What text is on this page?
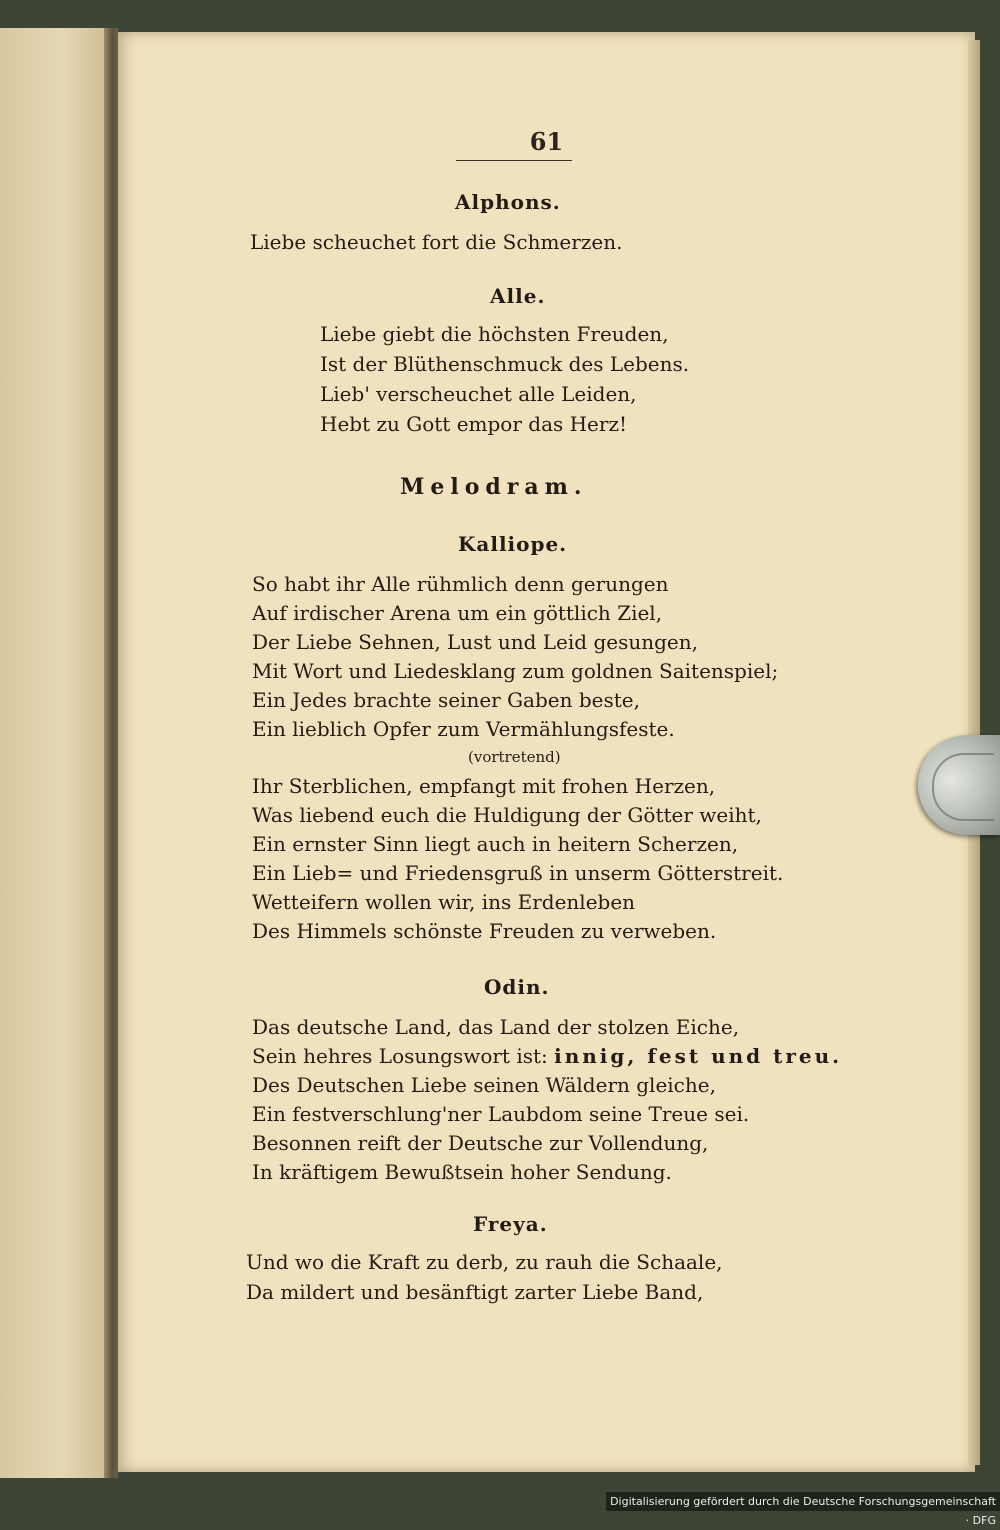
61
Alphons.
Liebe scheuchet fort die Schmerzen.
Alle.
Liebe giebt die höchsten Freuden,
Ist der Blüthenschmuck des Lebens.
Lieb' verscheuchet alle Leiden,
Hebt zu Gott empor das Herz!
Melodram.
Kalliope.
So habt ihr Alle rühmlich denn gerungen
Auf irdischer Arena um ein göttlich Ziel,
Der Liebe Sehnen, Lust und Leid gesungen,
Mit Wort und Liedesklang zum goldnen Saitenspiel;
Ein Jedes brachte seiner Gaben beste,
Ein lieblich Opfer zum Vermählungsfeste.
(vortretend)
Ihr Sterblichen, empfangt mit frohen Herzen,
Was liebend euch die Huldigung der Götter weiht,
Ein ernster Sinn liegt auch in heitern Scherzen,
Ein Lieb= und Friedensgruß in unserm Götterstreit.
Wetteifern wollen wir, ins Erdenleben
Des Himmels schönste Freuden zu verweben.
Odin.
Das deutsche Land, das Land der stolzen Eiche,
Sein hehres Losungswort ist: innig, fest und treu.
Des Deutschen Liebe seinen Wäldern gleiche,
Ein festverschlung'ner Laubdom seine Treue sei.
Besonnen reift der Deutsche zur Vollendung,
In kräftigem Bewußtsein hoher Sendung.
Freya.
Und wo die Kraft zu derb, zu rauh die Schaale,
Da mildert und besänftigt zarter Liebe Band,
Digitalisierung gefördert durch die Deutsche Forschungsgemeinschaft · DFG
